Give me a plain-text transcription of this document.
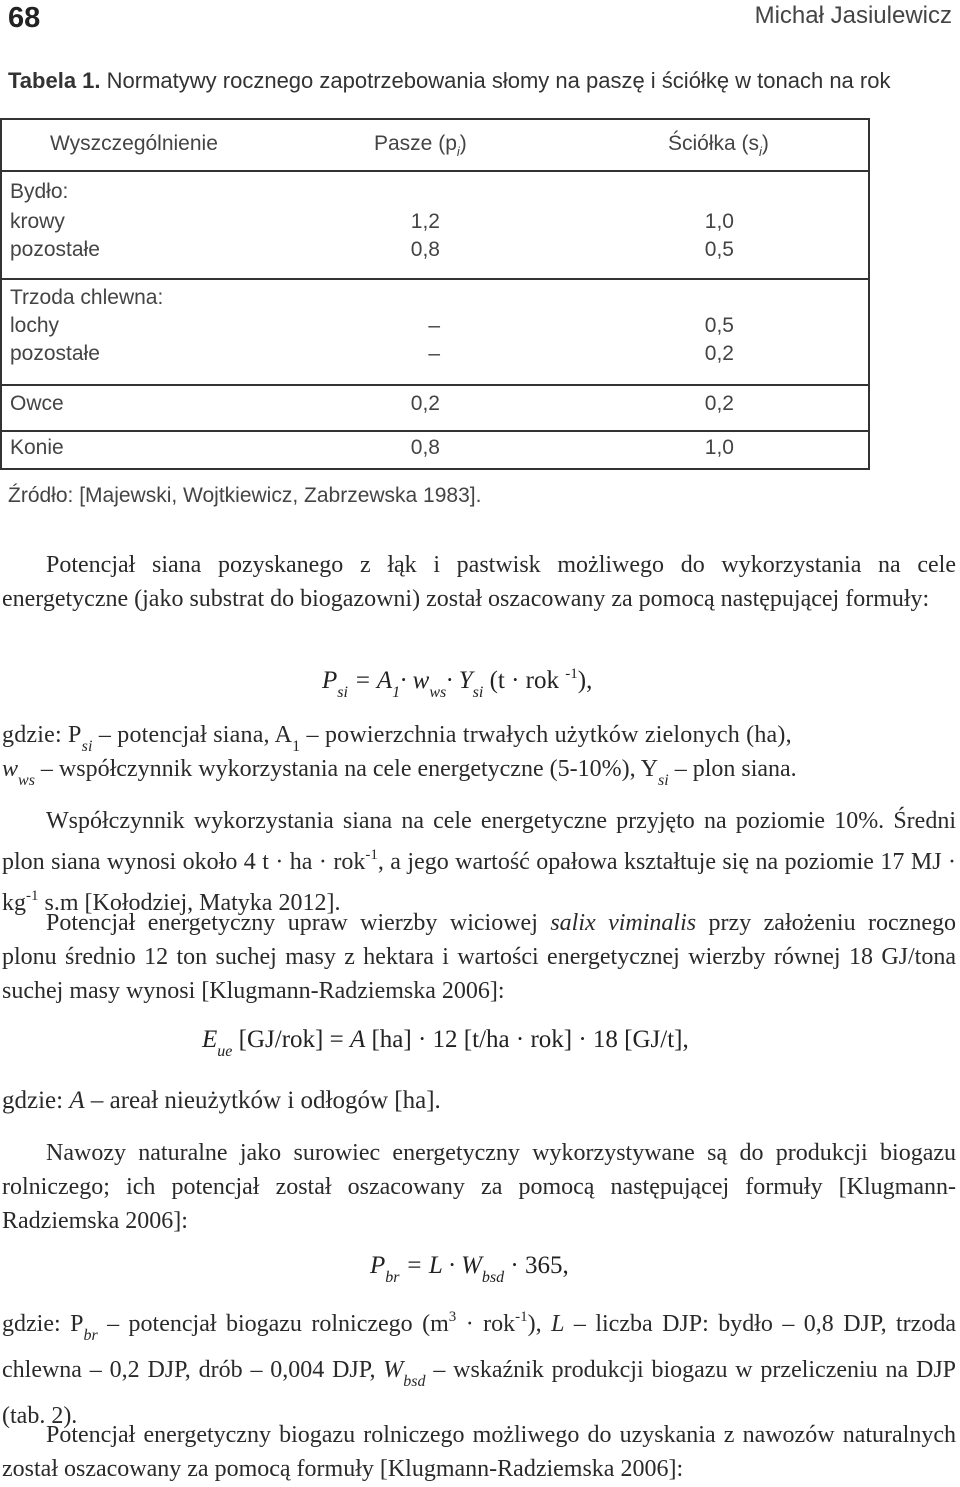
68	Michał Jasiulewicz
Tabela 1. Normatywy rocznego zapotrzebowania słomy na paszę i ściółkę w tonach na rok
Wyszczególnienie	Pasze $(p_i)$	Ściółka $(s_i)$
Bydło:
krowy	1,2	1,0
pozostałe	0,8	0,5
Trzoda chlewna:
lochy	–	0,5
pozostałe	–	0,2
Owce	0,2	0,2
Konie	0,8	1,0
Źródło: [Majewski, Wojtkiewicz, Zabrzewska 1983].
Potencjał siana pozyskanego z łąk i pastwisk możliwego do wykorzystania na cele energetyczne (jako substrat do biogazowni) został oszacowany za pomocą następującej formuły:
$P_{si} = A_1\cdot w_{ws}\cdot Y_{si}$ (t · rok $^{-1}$),
gdzie: $P_{si}$ – potencjał siana, $A_1$ – powierzchnia trwałych użytków zielonych (ha),
$w_{ws}$ – współczynnik wykorzystania na cele energetyczne (5-10%), $Y_{si}$ – plon siana.
Współczynnik wykorzystania siana na cele energetyczne przyjęto na poziomie 10%. Średni plon siana wynosi około 4 t · ha · rok$^{-1}$, a jego wartość opałowa kształtuje się na poziomie 17 MJ · $kg^{-1}$ s.m [Kołodziej, Matyka 2012].
Potencjał energetyczny upraw wierzby wiciowej salix viminalis przy założeniu rocznego plonu średnio 12 ton suchej masy z hektara i wartości energetycznej wierzby równej 18 GJ/tona suchej masy wynosi [Klugmann-Radziemska 2006]:
$E_{ue}$ [GJ/rok] = A [ha] · 12 [t/ha · rok] · 18 [GJ/t],
gdzie: A – areał nieużytków i odłogów [ha].
Nawozy naturalne jako surowiec energetyczny wykorzystywane są do produkcji biogazu rolniczego; ich potencjał został oszacowany za pomocą następującej formuły [Klugmann-Radziemska 2006]:
$P_{br} = L \cdot W_{bsd} \cdot 365$,
gdzie: $P_{br}$ – potencjał biogazu rolniczego $(m^3 \cdot rok^{-1})$, L – liczba DJP: bydło – 0,8 DJP, trzoda chlewna – 0,2 DJP, drób – 0,004 DJP, $W_{bsd}$ – wskaźnik produkcji biogazu w przeliczeniu na DJP (tab. 2).
Potencjał energetyczny biogazu rolniczego możliwego do uzyskania z nawozów naturalnych został oszacowany za pomocą formuły [Klugmann-Radziemska 2006]:
